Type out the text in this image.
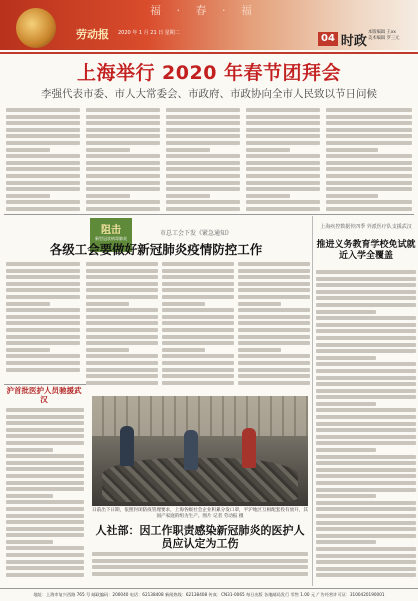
福 · 春 · 福
劳动报 2020 年 1 月 21 日 星期二	04 时政
本版编辑 王xx
美术编辑 罗三元
上海举行 2020 年春节团拜会
李强代表市委、市人大常委会、市政府、市政协向全市人民致以节日问候
阻击
新型冠状病毒肺炎
市总工会下发《紧急通知》
各级工会要做好新冠肺炎疫情防控工作
上海疾控数据传四季 外派医疗队支援武汉
推进义务教育学校免试就近入学全覆盖
沪首批医护人员驰援武汉
日前出下日期，依照封闭防疫管理要求，上海各级社会企业积累分发口罩，平沪地区互相配套投有放开，其国产家庭的组为生产。图片 记者 劳动报 摄
人社部：因工作职责感染新冠肺炎的医护人员应认定为工伤
地址：上海市复兴西路 765 号 邮政编码：200040 电话：62138408 新闻热线：62138408 传真：CN31-0065 每日出版 各地邮局发行 零售 1.00 元 广告经营许可证：3100420190001
